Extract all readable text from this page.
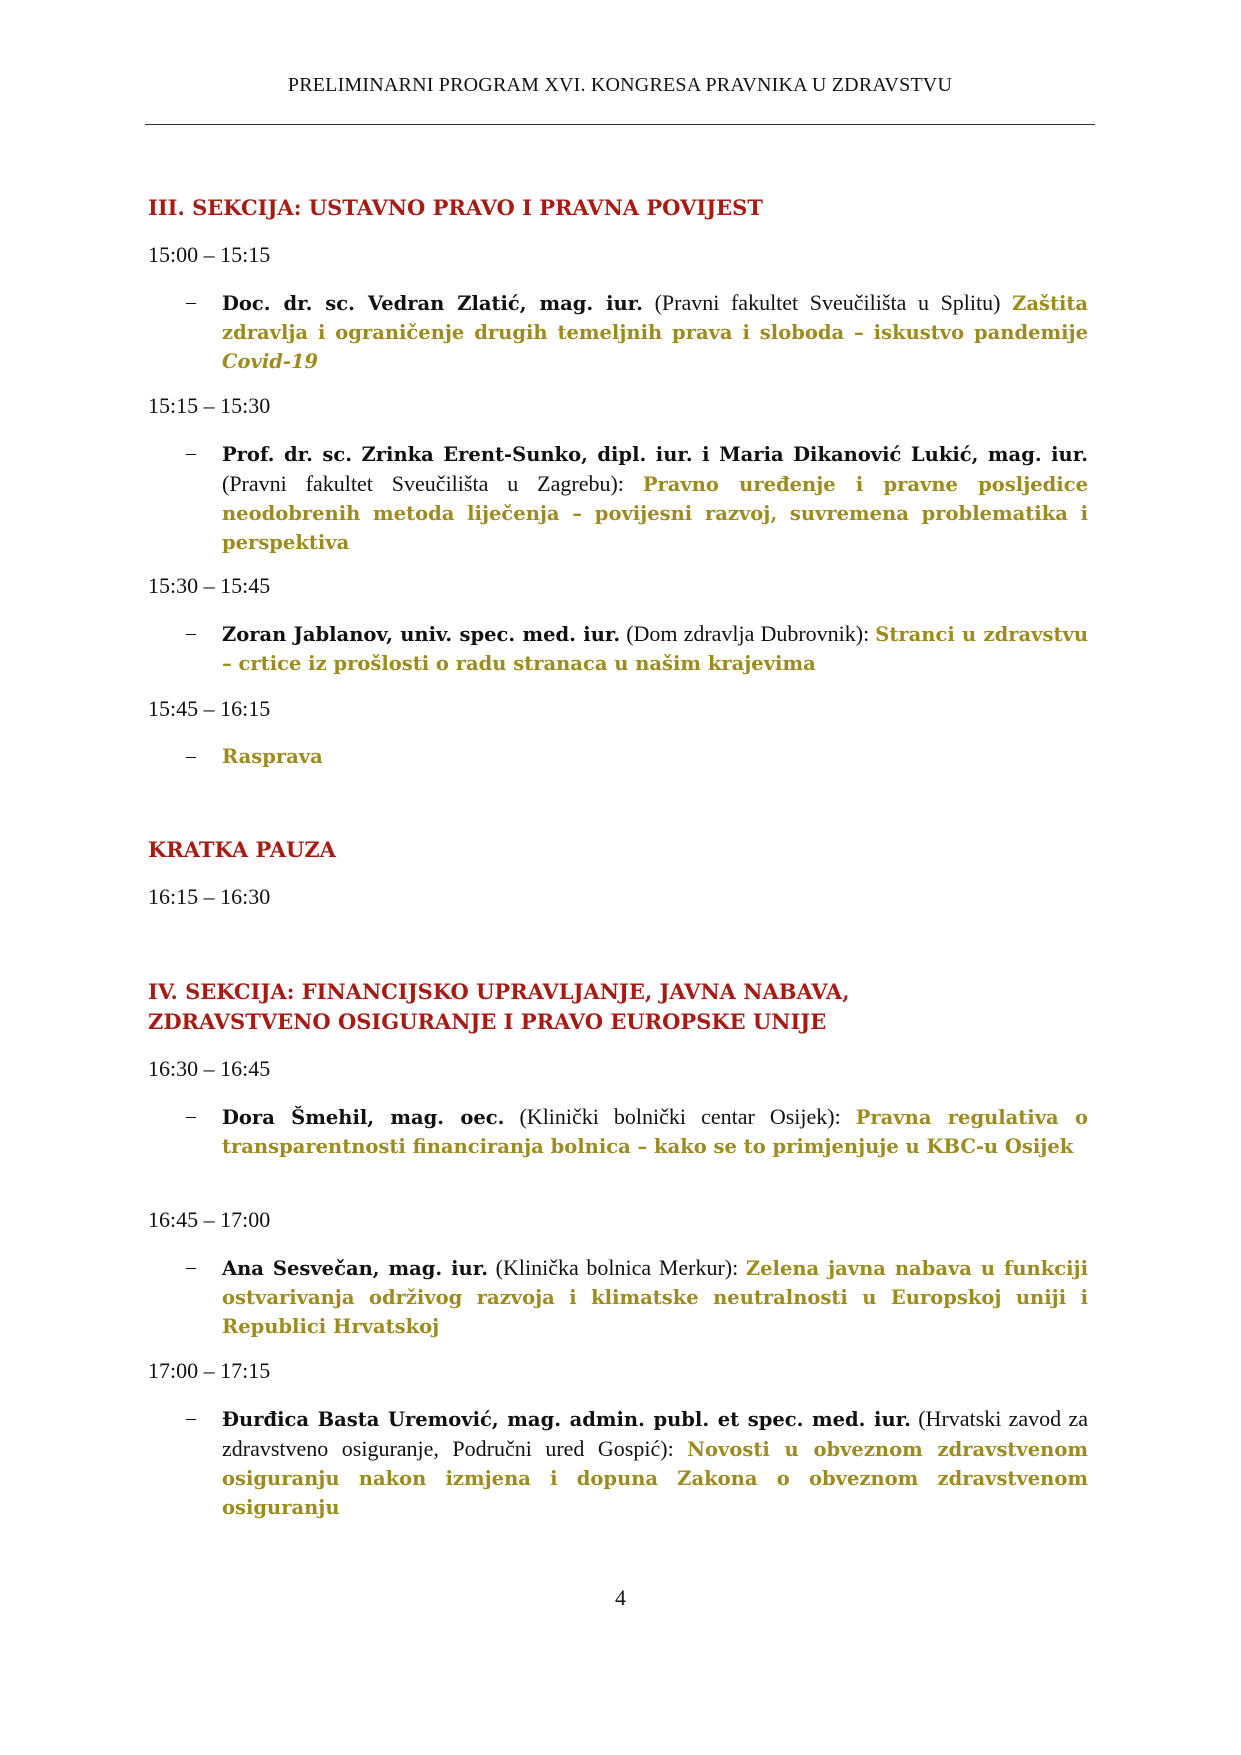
PRELIMINARNI PROGRAM XVI. KONGRESA PRAVNIKA U ZDRAVSTVU
III. SEKCIJA: USTAVNO PRAVO I PRAVNA POVIJEST
15:00 – 15:15
– Doc. dr. sc. Vedran Zlatić, mag. iur. (Pravni fakultet Sveučilišta u Splitu) Zaštita zdravlja i ograničenje drugih temeljnih prava i sloboda – iskustvo pandemije Covid-19
15:15 – 15:30
– Prof. dr. sc. Zrinka Erent-Sunko, dipl. iur. i Maria Dikanović Lukić, mag. iur. (Pravni fakultet Sveučilišta u Zagrebu): Pravno uređenje i pravne posljedice neodobrenih metoda liječenja – povijesni razvoj, suvremena problematika i perspektiva
15:30 – 15:45
– Zoran Jablanov, univ. spec. med. iur. (Dom zdravlja Dubrovnik): Stranci u zdravstvu – crtice iz prošlosti o radu stranaca u našim krajevima
15:45 – 16:15
– Rasprava
KRATKA PAUZA
16:15 – 16:30
IV. SEKCIJA: FINANCIJSKO UPRAVLJANJE, JAVNA NABAVA,
ZDRAVSTVENO OSIGURANJE I PRAVO EUROPSKE UNIJE
16:30 – 16:45
– Dora Šmehil, mag. oec. (Klinički bolnički centar Osijek): Pravna regulativa o transparentnosti financiranja bolnica – kako se to primjenjuje u KBC-u Osijek
16:45 – 17:00
– Ana Sesvečan, mag. iur. (Klinička bolnica Merkur): Zelena javna nabava u funkciji ostvarivanja održivog razvoja i klimatske neutralnosti u Europskoj uniji i Republici Hrvatskoj
17:00 – 17:15
– Đurđica Basta Uremović, mag. admin. publ. et spec. med. iur. (Hrvatski zavod za zdravstveno osiguranje, Područni ured Gospić): Novosti u obveznom zdravstvenom osiguranju nakon izmjena i dopuna Zakona o obveznom zdravstvenom osiguranju
4
